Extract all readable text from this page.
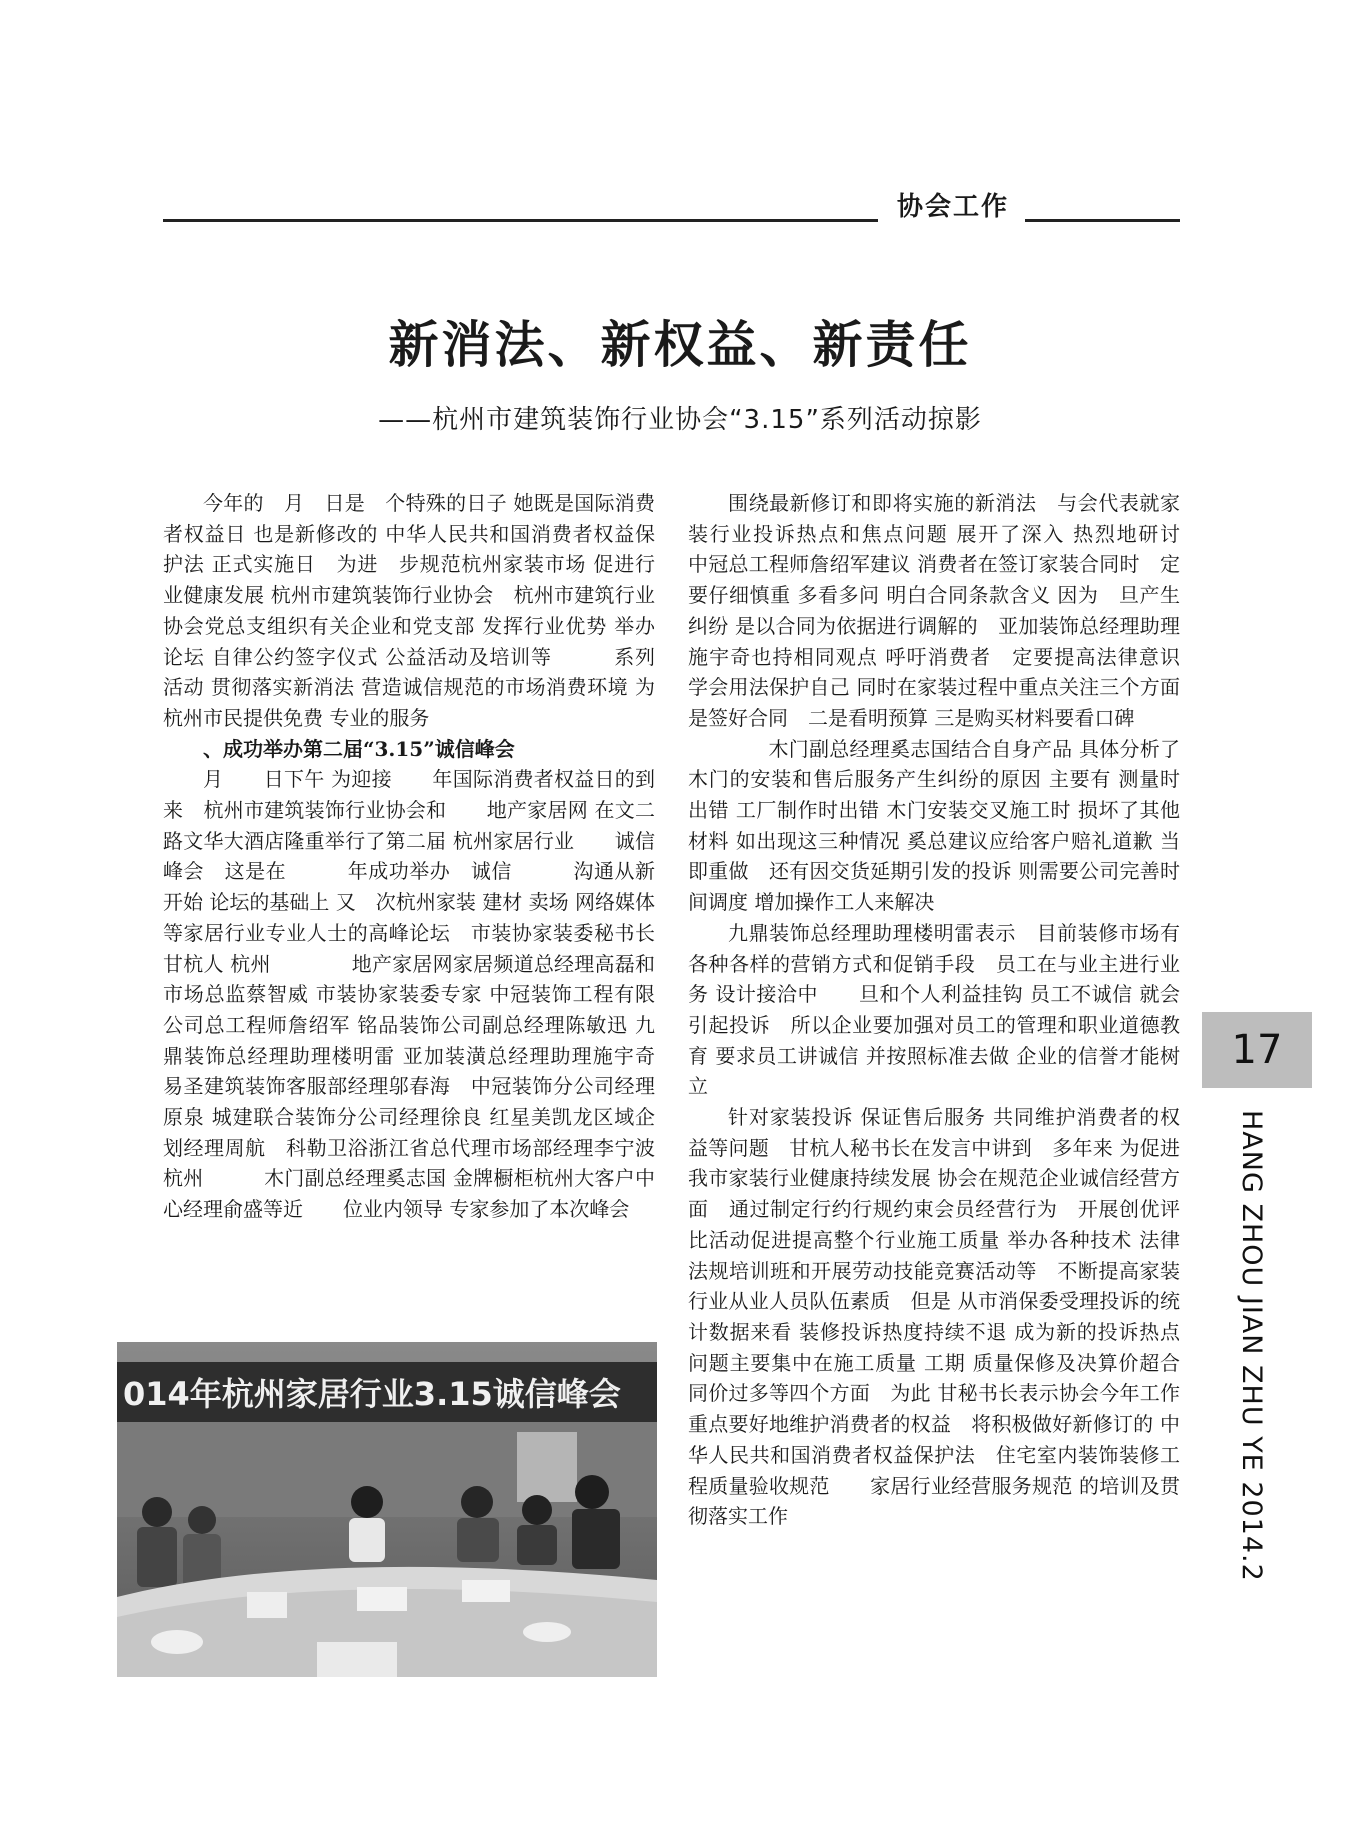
协会工作
新消法、新权益、新责任
——杭州市建筑装饰行业协会“3.15”系列活动掠影

今年的　月　日是　个特殊的日子 她既是国际消费者权益日 也是新修改的 中华人民共和国消费者权益保护法 正式实施日　为进　步规范杭州家装市场 促进行业健康发展 杭州市建筑装饰行业协会　杭州市建筑行业协会党总支组织有关企业和党支部 发挥行业优势 举办论坛 自律公约签字仪式 公益活动及培训等　　　系列活动 贯彻落实新消法 营造诚信规范的市场消费环境 为杭州市民提供免费 专业的服务

、成功举办第二届“3.15”诚信峰会

月　　日下午 为迎接　　年国际消费者权益日的到来　杭州市建筑装饰行业协会和　　地产家居网 在文二路文华大酒店隆重举行了第二届 杭州家居行业　　诚信峰会　这是在　　　年成功举办　诚信　　　沟通从新开始 论坛的基础上 又　次杭州家装 建材 卖场 网络媒体等家居行业专业人士的高峰论坛　市装协家装委秘书长甘杭人 杭州　　　　地产家居网家居频道总经理高磊和市场总监蔡智威 市装协家装委专家 中冠装饰工程有限公司总工程师詹绍军 铭品装饰公司副总经理陈敏迅 九鼎装饰总经理助理楼明雷 亚加装潢总经理助理施宇奇 易圣建筑装饰客服部经理邬春海　中冠装饰分公司经理原泉 城建联合装饰分公司经理徐良 红星美凯龙区域企划经理周航　科勒卫浴浙江省总代理市场部经理李宁波 杭州　　　木门副总经理奚志国 金牌橱柜杭州大客户中心经理俞盛等近　　位业内领导 专家参加了本次峰会

围绕最新修订和即将实施的新消法　与会代表就家装行业投诉热点和焦点问题 展开了深入 热烈地研讨　中冠总工程师詹绍军建议 消费者在签订家装合同时　定要仔细慎重 多看多问 明白合同条款含义 因为　旦产生纠纷 是以合同为依据进行调解的　亚加装饰总经理助理施宇奇也持相同观点 呼吁消费者　定要提高法律意识 学会用法保护自己 同时在家装过程中重点关注三个方面　　是签好合同　二是看明预算 三是购买材料要看口碑

　　木门副总经理奚志国结合自身产品 具体分析了木门的安装和售后服务产生纠纷的原因 主要有 测量时出错 工厂制作时出错 木门安装交叉施工时 损坏了其他材料 如出现这三种情况 奚总建议应给客户赔礼道歉 当即重做　还有因交货延期引发的投诉 则需要公司完善时间调度 增加操作工人来解决

九鼎装饰总经理助理楼明雷表示　目前装修市场有各种各样的营销方式和促销手段　员工在与业主进行业务 设计接洽中　　旦和个人利益挂钩 员工不诚信 就会引起投诉　所以企业要加强对员工的管理和职业道德教育 要求员工讲诚信 并按照标准去做 企业的信誉才能树立

针对家装投诉 保证售后服务 共同维护消费者的权益等问题　甘杭人秘书长在发言中讲到　多年来 为促进我市家装行业健康持续发展 协会在规范企业诚信经营方面　通过制定行约行规约束会员经营行为　开展创优评比活动促进提高整个行业施工质量 举办各种技术 法律法规培训班和开展劳动技能竞赛活动等　不断提高家装行业从业人员队伍素质　但是 从市消保委受理投诉的统计数据来看 装修投诉热度持续不退 成为新的投诉热点 问题主要集中在施工质量 工期 质量保修及决算价超合同价过多等四个方面　为此 甘秘书长表示协会今年工作重点要好地维护消费者的权益　将积极做好新修订的 中华人民共和国消费者权益保护法　住宅室内装饰装修工程质量验收规范　　家居行业经营服务规范 的培训及贯彻落实工作

014年杭州家居行业3.15诚信峰会
17
HANG ZHOU JIAN ZHU YE 2014.2
